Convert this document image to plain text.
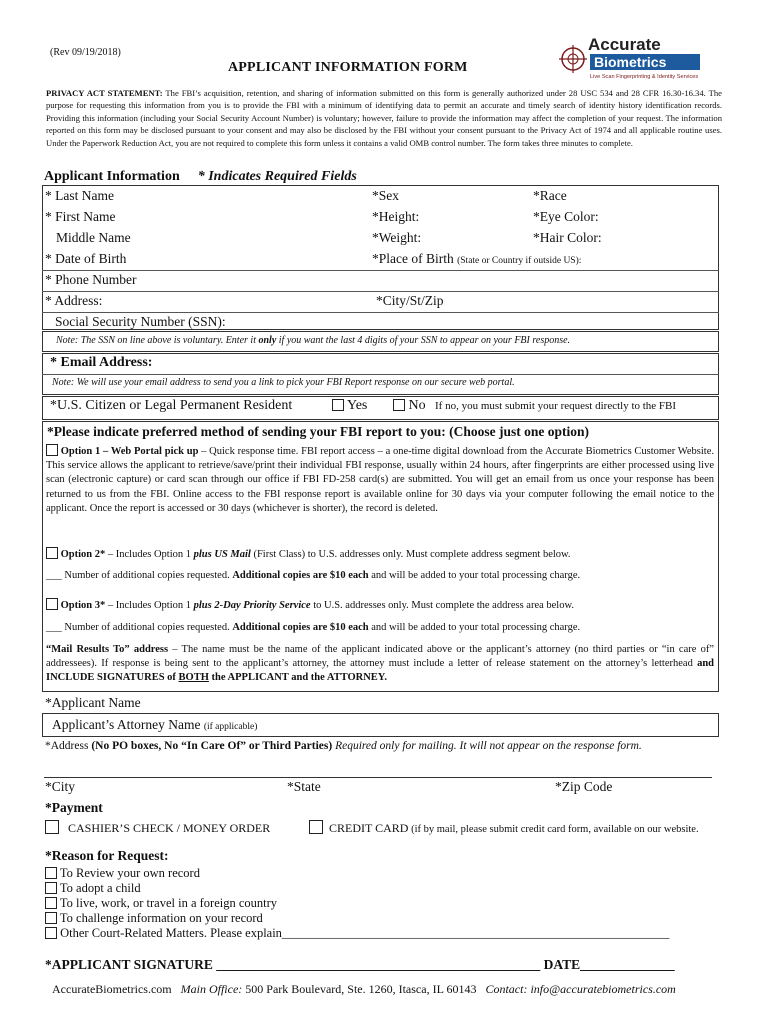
(Rev 09/19/2018)
APPLICANT INFORMATION FORM
Accurate
Biometrics
Live Scan Fingerprinting & Identity Services
PRIVACY ACT STATEMENT: The FBI’s acquisition, retention, and sharing of information submitted on this form is generally authorized under 28 USC 534 and 28 CFR 16.30-16.34. The purpose for requesting this information from you is to provide the FBI with a minimum of identifying data to permit an accurate and timely search of identity history identification records. Providing this information (including your Social Security Account Number) is voluntary; however, failure to provide the information may affect the completion of your request. The information reported on this form may be disclosed pursuant to your consent and may also be disclosed by the FBI without your consent pursuant to the Privacy Act of 1974 and all applicable routine uses. Under the Paperwork Reduction Act, you are not required to complete this form unless it contains a valid OMB control number. The form takes three minutes to complete.
Applicant Information * Indicates Required Fields
* Last Name	*Sex	*Race
* First Name	*Height:	*Eye Color:
Middle Name	*Weight:	*Hair Color:
* Date of Birth	*Place of Birth (State or Country if outside US):
* Phone Number
* Address:	*City/St/Zip
Social Security Number (SSN):
Note: The SSN on line above is voluntary. Enter it only if you want the last 4 digits of your SSN to appear on your FBI response.
* Email Address:
Note: We will use your email address to send you a link to pick your FBI Report response on our secure web portal.
*U.S. Citizen or Legal Permanent Resident	Yes	No If no, you must submit your request directly to the FBI
*Please indicate preferred method of sending your FBI report to you: (Choose just one option)
Option 1 – Web Portal pick up – Quick response time. FBI report access – a one-time digital download from the Accurate Biometrics Customer Website. This service allows the applicant to retrieve/save/print their individual FBI response, usually within 24 hours, after fingerprints are either processed using live scan (electronic capture) or card scan through our office if FBI FD-258 card(s) are submitted. You will get an email from us once your response has been returned to us from the FBI. Online access to the FBI response report is available online for 30 days via your computer following the email notice to the applicant. Once the report is accessed or 30 days (whichever is shorter), the record is deleted.
Option 2* – Includes Option 1 plus US Mail (First Class) to U.S. addresses only. Must complete address segment below.
___ Number of additional copies requested. Additional copies are $10 each and will be added to your total processing charge.
Option 3* – Includes Option 1 plus 2-Day Priority Service to U.S. addresses only. Must complete the address area below.
___ Number of additional copies requested. Additional copies are $10 each and will be added to your total processing charge.
“Mail Results To” address – The name must be the name of the applicant indicated above or the applicant’s attorney (no third parties or “in care of” addressees). If response is being sent to the applicant’s attorney, the attorney must include a letter of release statement on the attorney’s letterhead and INCLUDE SIGNATURES of BOTH the APPLICANT and the ATTORNEY.
*Applicant Name
Applicant’s Attorney Name (if applicable)
*Address (No PO boxes, No “In Care Of” or Third Parties) Required only for mailing. It will not appear on the response form.
*City	*State	*Zip Code
*Payment
CASHIER’S CHECK / MONEY ORDER	CREDIT CARD (if by mail, please submit credit card form, available on our website.
*Reason for Request:
To Review your own record
To adopt a child
To live, work, or travel in a foreign country
To challenge information on your record
Other Court-Related Matters. Please explain______________________________________________________________
*APPLICANT SIGNATURE ________________________________________________ DATE______________
AccurateBiometrics.com Main Office: 500 Park Boulevard, Ste. 1260, Itasca, IL 60143 Contact: info@accuratebiometrics.com
